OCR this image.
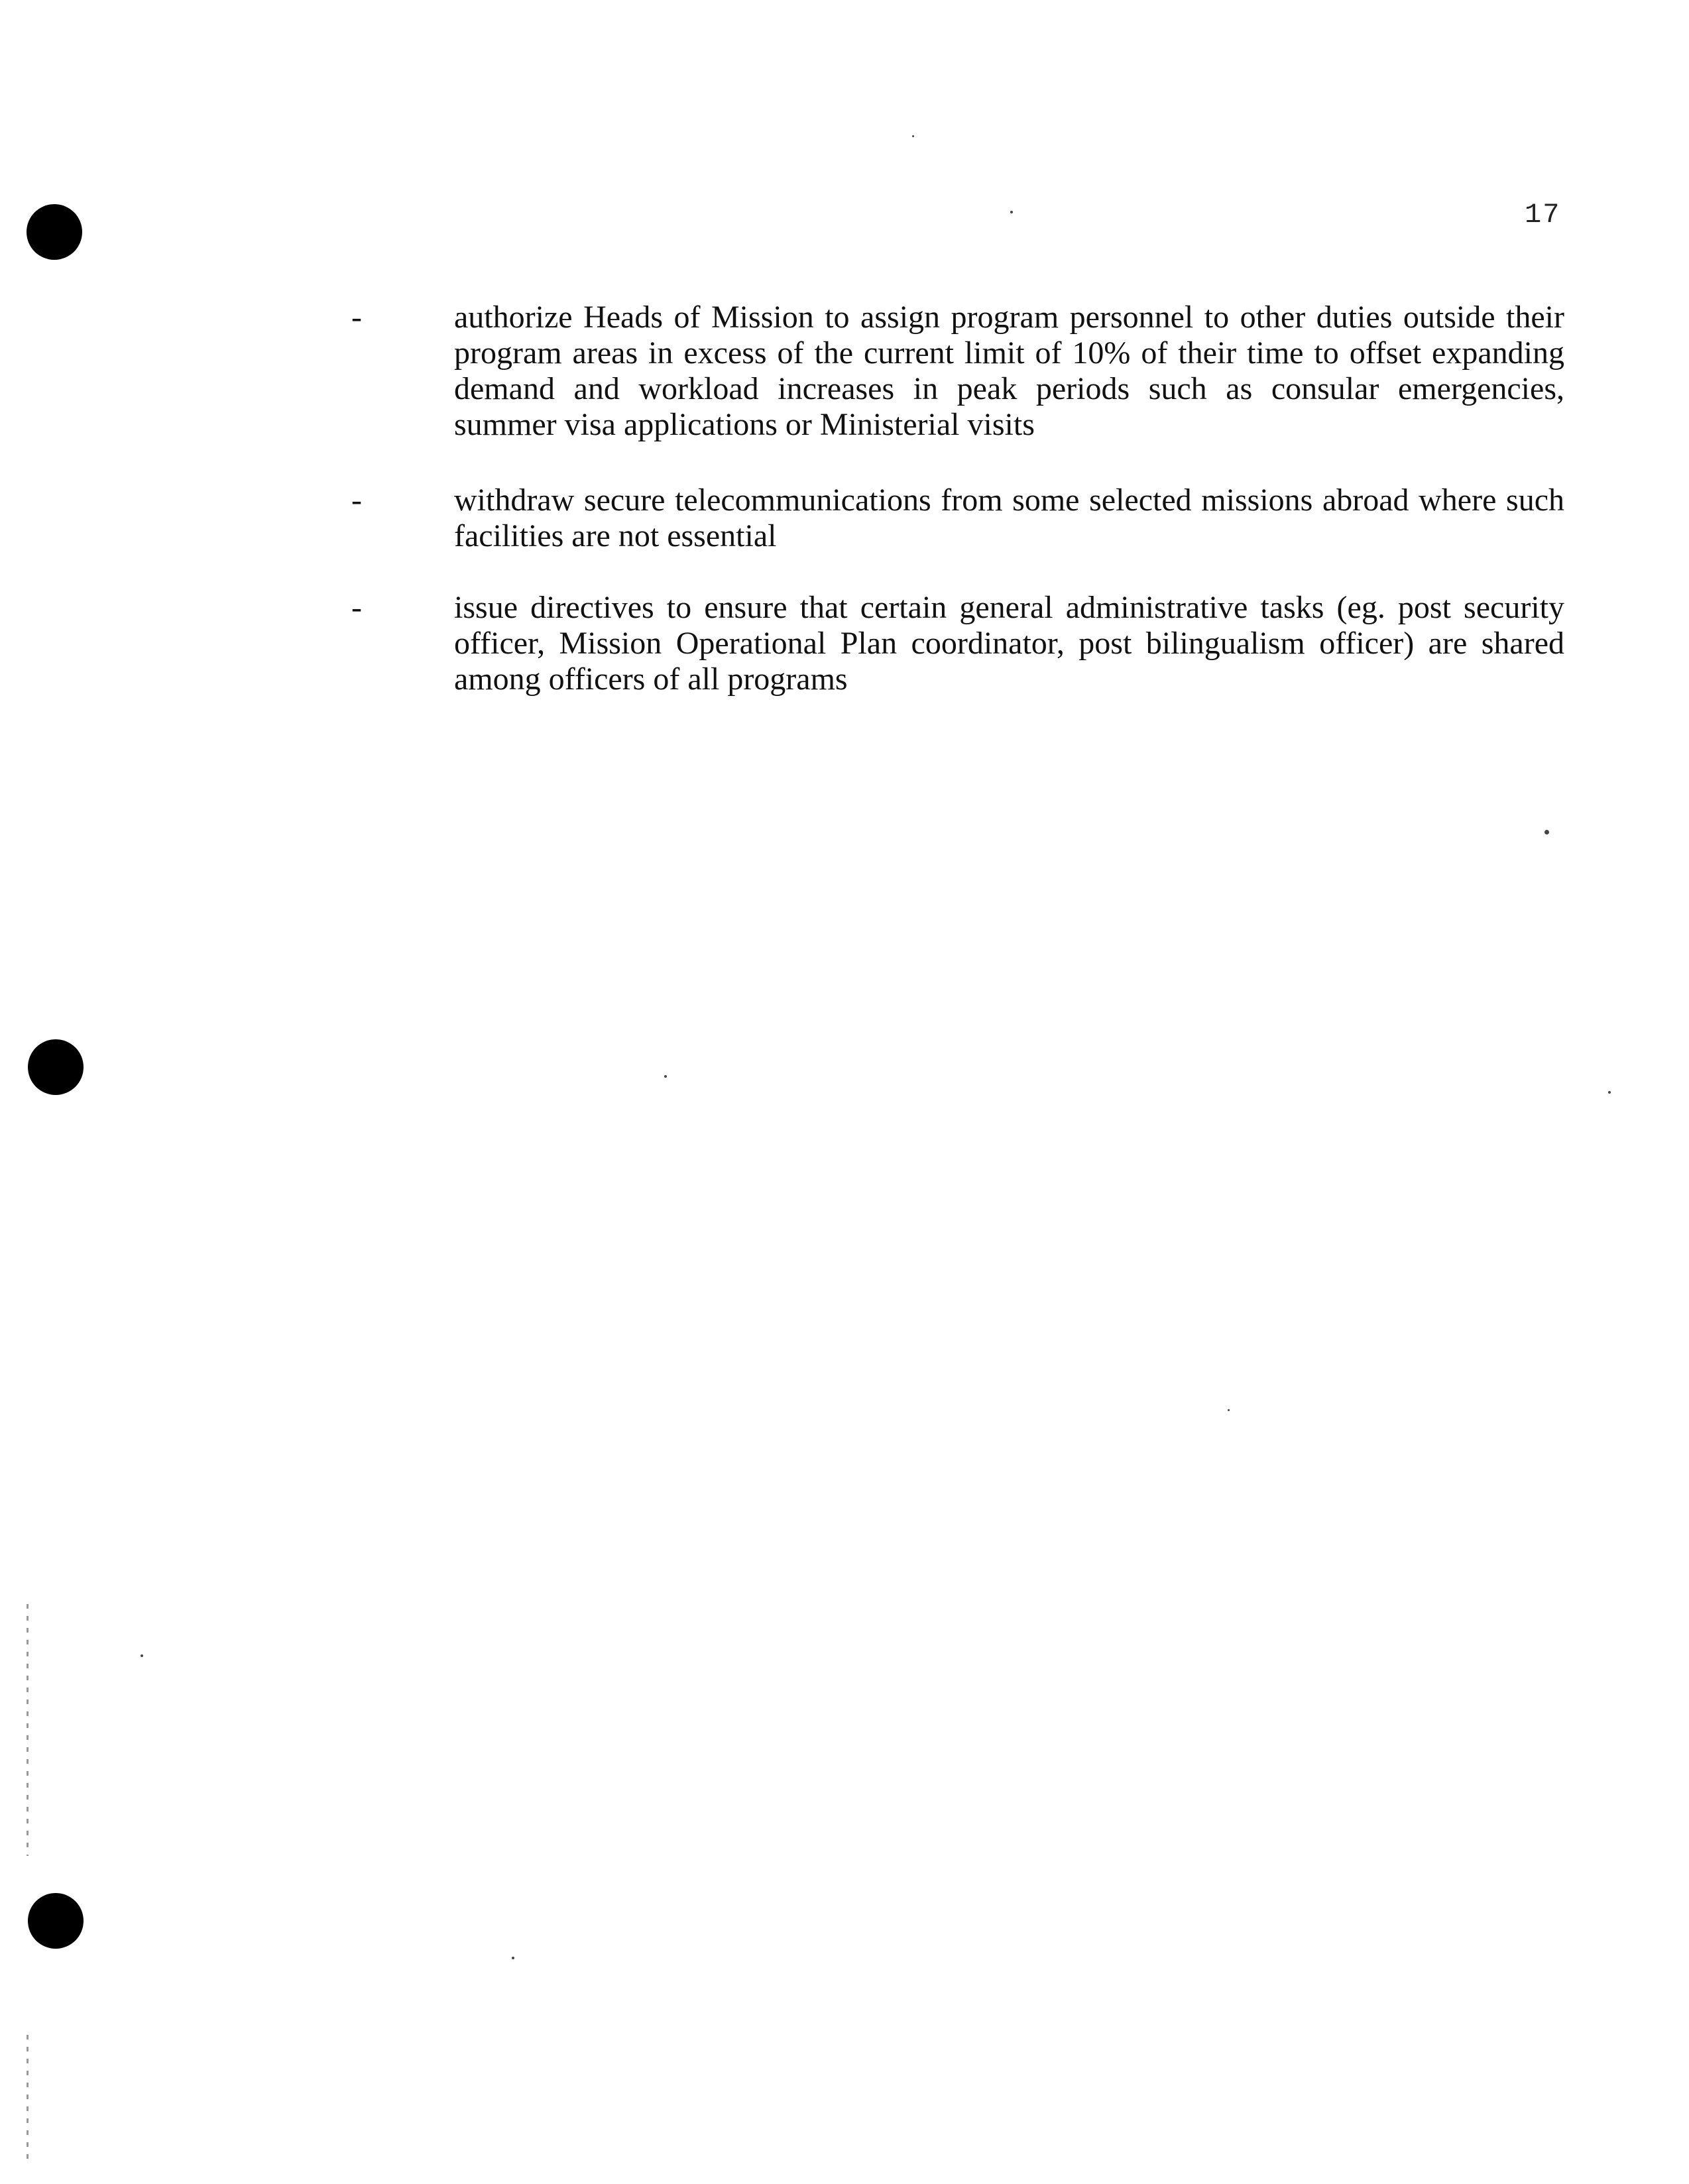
17
-	authorize Heads of Mission to assign program personnel to other duties outside their program areas in excess of the current limit of 10% of their time to offset expanding demand and workload increases in peak periods such as consular emergencies, summer visa applications or Ministerial visits
-	withdraw secure telecommunications from some selected missions abroad where such facilities are not essential
-	issue directives to ensure that certain general administrative tasks (eg. post security officer, Mission Operational Plan coordinator, post bilingualism officer) are shared among officers of all programs
